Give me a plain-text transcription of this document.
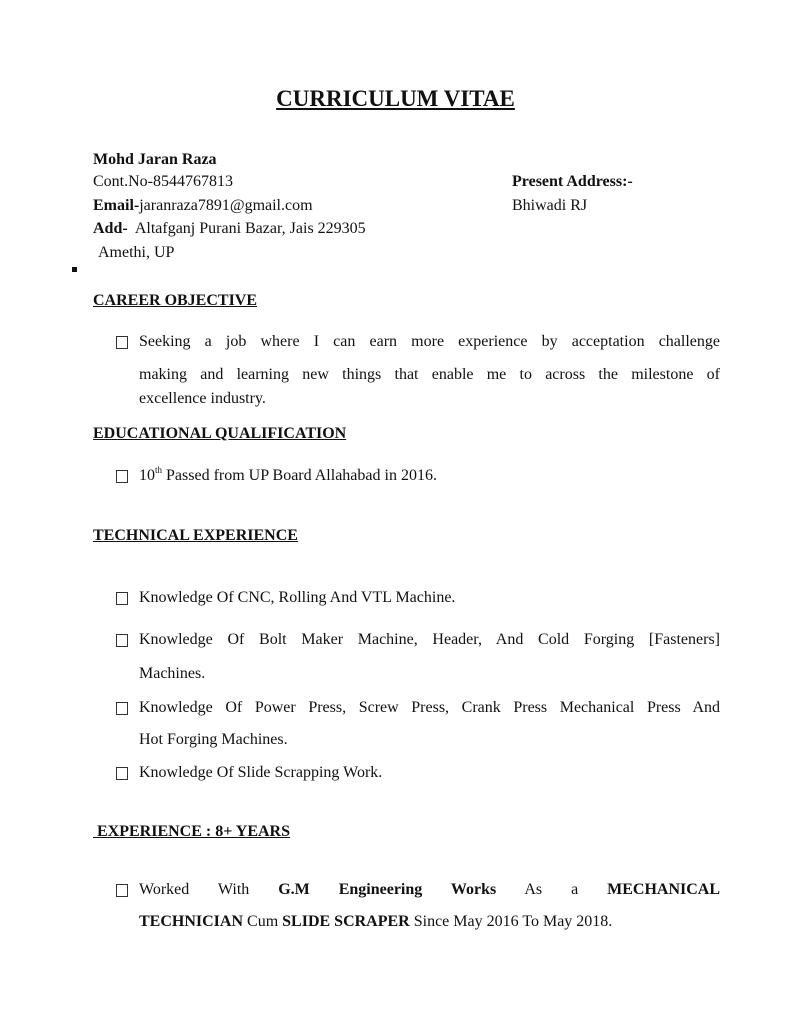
CURRICULUM VITAE
Mohd Jaran Raza
Cont.No-8544767813
Email-jaranraza7891@gmail.com
Add- Altafganj Purani Bazar, Jais 229305
Amethi, UP
Present Address:-
Bhiwadi RJ
CAREER OBJECTIVE
Seeking a job where I can earn more experience by acceptation challenge
making and learning new things that enable me to across the milestone of
excellence industry.
EDUCATIONAL QUALIFICATION
10th Passed from UP Board Allahabad in 2016.
TECHNICAL EXPERIENCE
Knowledge Of CNC, Rolling And VTL Machine.
Knowledge Of Bolt Maker Machine, Header, And Cold Forging [Fasteners]
Machines.
Knowledge Of Power Press, Screw Press, Crank Press Mechanical Press And
Hot Forging Machines.
Knowledge Of Slide Scrapping Work.
EXPERIENCE : 8+ YEARS
Worked With G.M Engineering Works As a MECHANICAL
TECHNICIAN Cum SLIDE SCRAPER Since May 2016 To May 2018.
